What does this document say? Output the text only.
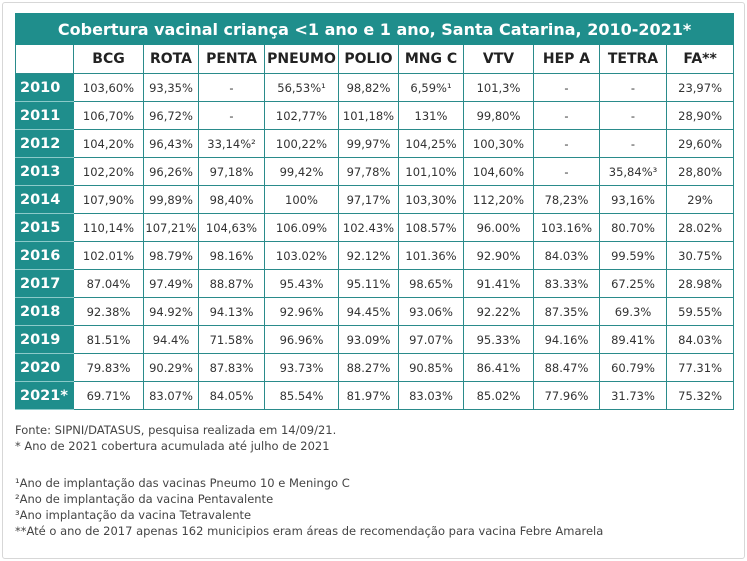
Cobertura vacinal criança <1 ano e 1 ano, Santa Catarina, 2010-2021*										
	BCG	ROTA	PENTA	PNEUMO	POLIO	MNG C	VTV	HEP A	TETRA	FA**
2010	103,60%	93,35%	-	56,53%¹	98,82%	6,59%¹	101,3%	-	-	23,97%
2011	106,70%	96,72%	-	102,77%	101,18%	131%	99,80%	-	-	28,90%
2012	104,20%	96,43%	33,14%²	100,22%	99,97%	104,25%	100,30%	-	-	29,60%
2013	102,20%	96,26%	97,18%	99,42%	97,78%	101,10%	104,60%	-	35,84%³	28,80%
2014	107,90%	99,89%	98,40%	100%	97,17%	103,30%	112,20%	78,23%	93,16%	29%
2015	110,14%	107,21%	104,63%	106.09%	102.43%	108.57%	96.00%	103.16%	80.70%	28.02%
2016	102.01%	98.79%	98.16%	103.02%	92.12%	101.36%	92.90%	84.03%	99.59%	30.75%
2017	87.04%	97.49%	88.87%	95.43%	95.11%	98.65%	91.41%	83.33%	67.25%	28.98%
2018	92.38%	94.92%	94.13%	92.96%	94.45%	93.06%	92.22%	87.35%	69.3%	59.55%
2019	81.51%	94.4%	71.58%	96.96%	93.09%	97.07%	95.33%	94.16%	89.41%	84.03%
2020	79.83%	90.29%	87.83%	93.73%	88.27%	90.85%	86.41%	88.47%	60.79%	77.31%
2021*	69.71%	83.07%	84.05%	85.54%	81.97%	83.03%	85.02%	77.96%	31.73%	75.32%
Fonte: SIPNI/DATASUS, pesquisa realizada em 14/09/21.
* Ano de 2021 cobertura acumulada até julho de 2021
¹Ano de implantação das vacinas Pneumo 10 e Meningo C
²Ano de implantação da vacina Pentavalente
³Ano implantação da vacina Tetravalente
**Até o ano de 2017 apenas 162 municipios eram áreas de recomendação para vacina Febre Amarela
